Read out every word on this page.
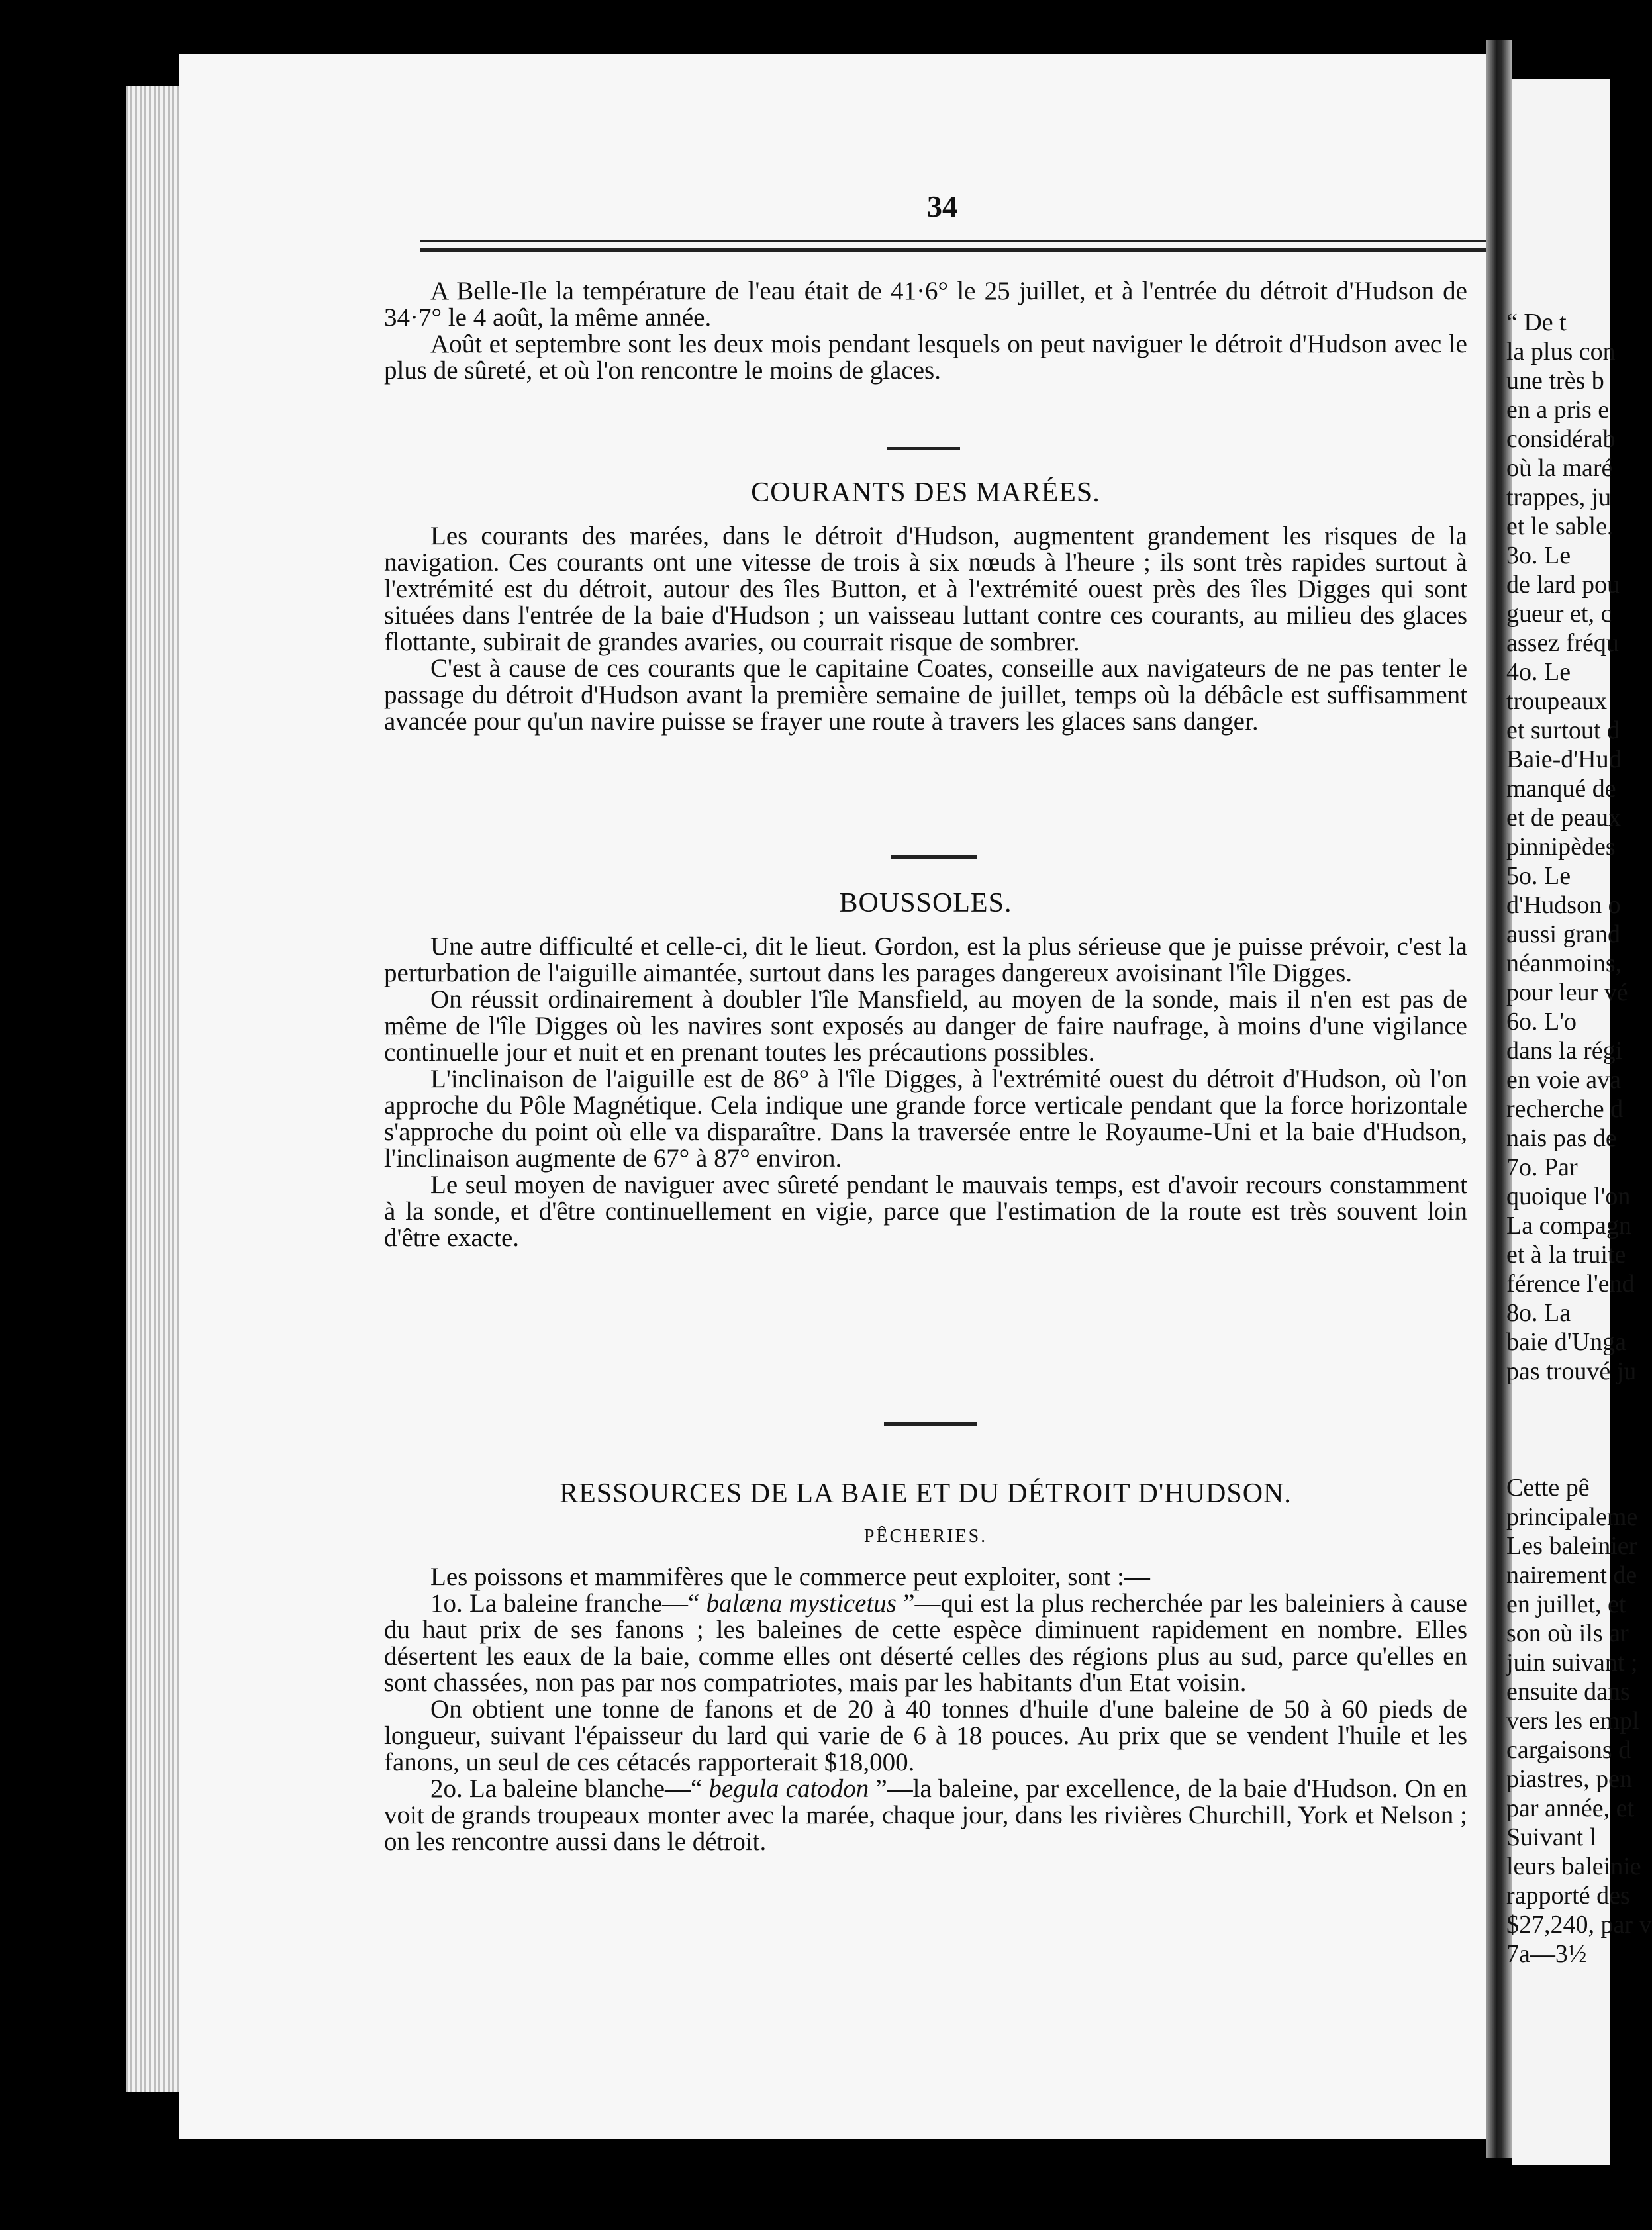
“ De t
la plus con
une très b
en a pris e
considérab
où la maré
trappes, ju
et le sable.
3o. Le
de lard pou
gueur et, c
assez fréqu
4o. Le
troupeaux
et surtout d
Baie-d'Hud
manqué de
et de peaux
pinnipèdes
5o. Le
d'Hudson o
aussi grand
néanmoins,
pour leur vé
6o. L'o
dans la régi
en voie ava
recherche d
nais pas de
7o. Par
quoique l'on
La compagn
et à la truite
férence l'end
8o. La
baie d'Unga
pas trouvé ju
Cette pê
principaleme
Les baleinier
nairement de
en juillet, et
son où ils ar
juin suivant ;
ensuite dans
vers les empl
cargaisons d
piastres, pen
par année, et
Suivant l
leurs baleinie
rapporté des
$27,240, par v
7a—3½
34

A Belle-Ile la température de l'eau était de 41·6° le 25 juillet, et à l'entrée du détroit d'Hudson de 34·7° le 4 août, la même année.

Août et septembre sont les deux mois pendant lesquels on peut naviguer le détroit d'Hudson avec le plus de sûreté, et où l'on rencontre le moins de glaces.

COURANTS DES MARÉES.

Les courants des marées, dans le détroit d'Hudson, augmentent grandement les risques de la navigation. Ces courants ont une vitesse de trois à six nœuds à l'heure ; ils sont très rapides surtout à l'extrémité est du détroit, autour des îles Button, et à l'extrémité ouest près des îles Digges qui sont situées dans l'entrée de la baie d'Hudson ; un vaisseau luttant contre ces courants, au milieu des glaces flottante, subirait de grandes avaries, ou courrait risque de sombrer.

C'est à cause de ces courants que le capitaine Coates, conseille aux navigateurs de ne pas tenter le passage du détroit d'Hudson avant la première semaine de juillet, temps où la débâcle est suffisamment avancée pour qu'un navire puisse se frayer une route à travers les glaces sans danger.

BOUSSOLES.

Une autre difficulté et celle-ci, dit le lieut. Gordon, est la plus sérieuse que je puisse prévoir, c'est la perturbation de l'aiguille aimantée, surtout dans les parages dangereux avoisinant l'île Digges.

On réussit ordinairement à doubler l'île Mansfield, au moyen de la sonde, mais il n'en est pas de même de l'île Digges où les navires sont exposés au danger de faire naufrage, à moins d'une vigilance continuelle jour et nuit et en prenant toutes les précautions possibles.

L'inclinaison de l'aiguille est de 86° à l'île Digges, à l'extrémité ouest du détroit d'Hudson, où l'on approche du Pôle Magnétique. Cela indique une grande force verticale pendant que la force horizontale s'approche du point où elle va disparaître. Dans la traversée entre le Royaume-Uni et la baie d'Hudson, l'inclinaison augmente de 67° à 87° environ.

Le seul moyen de naviguer avec sûreté pendant le mauvais temps, est d'avoir recours constamment à la sonde, et d'être continuellement en vigie, parce que l'estimation de la route est très souvent loin d'être exacte.

RESSOURCES DE LA BAIE ET DU DÉTROIT D'HUDSON.
PÊCHERIES.

Les poissons et mammifères que le commerce peut exploiter, sont :—

1o. La baleine franche—“ balæna mysticetus ”—qui est la plus recherchée par les baleiniers à cause du haut prix de ses fanons ; les baleines de cette espèce diminuent rapidement en nombre. Elles désertent les eaux de la baie, comme elles ont déserté celles des régions plus au sud, parce qu'elles en sont chassées, non pas par nos compatriotes, mais par les habitants d'un Etat voisin.

On obtient une tonne de fanons et de 20 à 40 tonnes d'huile d'une baleine de 50 à 60 pieds de longueur, suivant l'épaisseur du lard qui varie de 6 à 18 pouces. Au prix que se vendent l'huile et les fanons, un seul de ces cétacés rapporterait $18,000.

2o. La baleine blanche—“ begula catodon ”—la baleine, par excellence, de la baie d'Hudson. On en voit de grands troupeaux monter avec la marée, chaque jour, dans les rivières Churchill, York et Nelson ; on les rencontre aussi dans le détroit.
